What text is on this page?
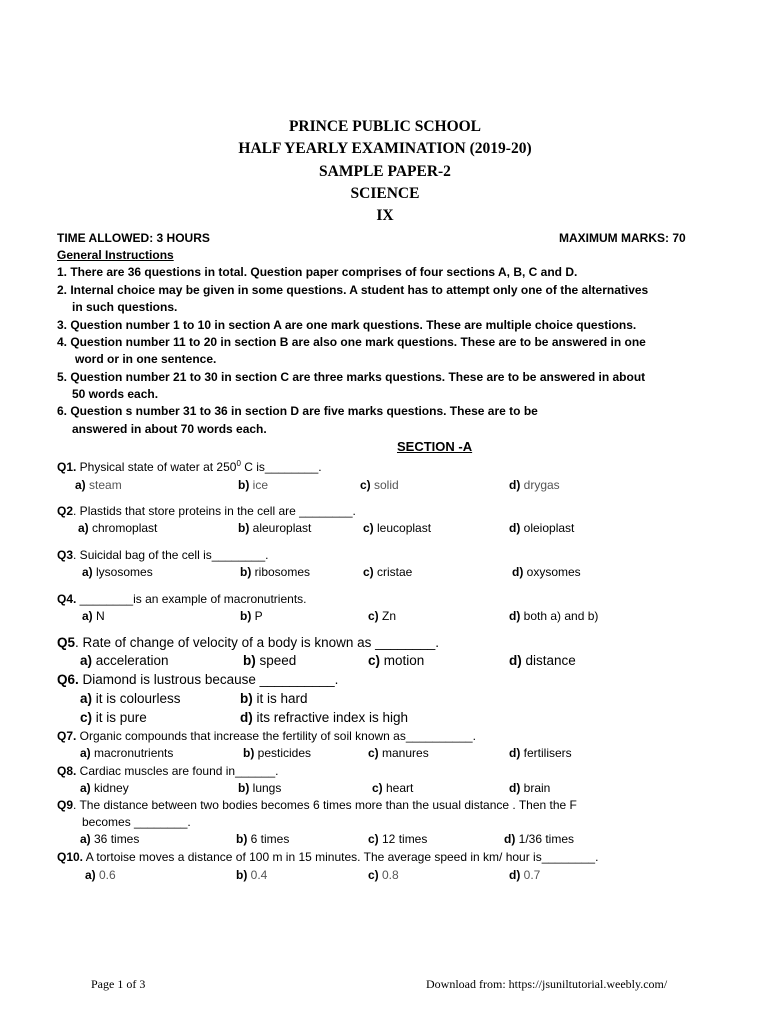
PRINCE PUBLIC SCHOOL
HALF YEARLY EXAMINATION (2019-20)
SAMPLE PAPER-2
SCIENCE
IX
TIME ALLOWED: 3 HOURS	MAXIMUM MARKS: 70
General Instructions
1. There are 36 questions in total. Question paper comprises of four sections A, B, C and D.
2. Internal choice may be given in some questions. A student has to attempt only one of the alternatives
in such questions.
3. Question number 1 to 10 in section A are one mark questions. These are multiple choice questions.
4. Question number 11 to 20 in section B are also one mark questions. These are to be answered in one
word or in one sentence.
5. Question number 21 to 30 in section C are three marks questions. These are to be answered in about
50 words each.
6. Question s number 31 to 36 in section D are five marks questions. These are to be
answered in about 70 words each.
SECTION -A
Q1. Physical state of water at $250^0$ C is________.
a) steam	b) ice	c) solid	d) drygas
Q2. Plastids that store proteins in the cell are ________.
a) chromoplast	b) aleuroplast	c) leucoplast	d) oleioplast
Q3. Suicidal bag of the cell is________.
a) lysosomes	b) ribosomes	c) cristae	d) oxysomes
Q4. ________is an example of macronutrients.
a) N	b) P	c) Zn	d) both a) and b)
Q5. Rate of change of velocity of a body is known as ________.
a) acceleration	b) speed	c) motion	d) distance
Q6. Diamond is lustrous because __________.
a) it is colourless	b) it is hard
c) it is pure	d) its refractive index is high
Q7. Organic compounds that increase the fertility of soil known as__________.
a) macronutrients	b) pesticides	c) manures	d) fertilisers
Q8. Cardiac muscles are found in______.
a) kidney	b) lungs	c) heart	d) brain
Q9. The distance between two bodies becomes 6 times more than the usual distance . Then the F
becomes ________.
a) 36 times	b) 6 times	c) 12 times	d) 1/36 times
Q10. A tortoise moves a distance of 100 m in 15 minutes. The average speed in km/ hour is________.
a) 0.6	b) 0.4	c) 0.8	d) 0.7
Page 1 of 3	Download from: https://jsuniltutorial.weebly.com/
